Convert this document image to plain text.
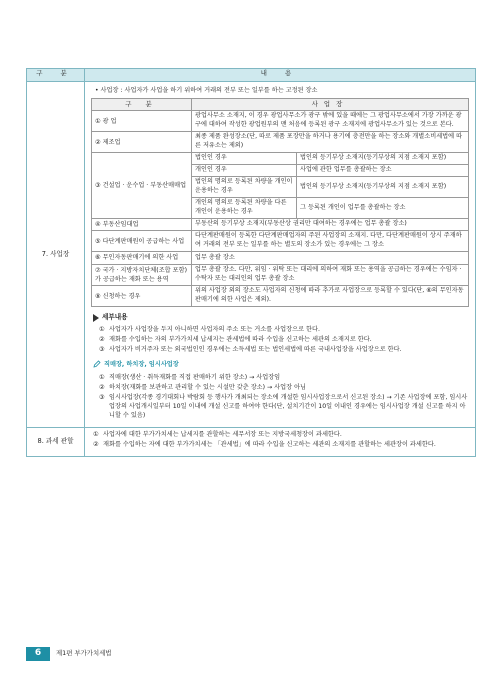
구 분	내 용
7. 사업장	

• 사업장 : 사업자가 사업을 하기 위하여 거래의 전부 또는 일부를 하는 고정된 장소

구 분	사업장
① 광 업	광업사무소 소재지, 이 경우 광업사무소가 광구 밖에 있을 때에는 그 광업사무소에서 가장 가까운 광구에 대하여 작성한 광업원부의 맨 처음에 등록된 광구 소재지에 광업사무소가 있는 것으로 본다.
② 제조업	최종 제품 완성장소(단, 따로 제품 포장만을 하거나 용기에 충전만을 하는 장소와 개별소비세법에 따른 저유소는 제외)
③ 건설업 · 운수업 · 부동산매매업	법인인 경우	법인의 등기부상 소재지(등기부상의 지점 소재지 포함)
개인인 경우	사업에 관한 업무를 총괄하는 장소
법인의 명의로 등록된 차량을 개인이 운용하는 경우	법인의 등기부상 소재지(등기부상의 지점 소재지 포함)
개인의 명의로 등록된 차량을 다른 개인이 운용하는 경우	그 등록된 개인이 업무를 총괄하는 장소
④ 부동산임대업	부동산의 등기부상 소재지(부동산상 권리만 대여하는 경우에는 업무 총괄 장소)
⑤ 다단계판매원이 공급하는 사업	다단계판매원이 등록한 다단계판매업자의 주된 사업장의 소재지. 다만, 다단계판매원이 상시 주재하여 거래의 전부 또는 일부를 하는 별도의 장소가 있는 경우에는 그 장소
⑥ 무인자동판매기에 의한 사업	업무 총괄 장소
⑦ 국가 · 지방자치단체(조합 포함)가 공급하는 재화 또는 용역	업무 총괄 장소. 다만, 위임 · 위탁 또는 대리에 의하여 재화 또는 용역을 공급하는 경우에는 수임자 · 수탁자 또는 대리인의 업무 총괄 장소
⑧ 신청하는 경우	위의 사업장 외의 장소도 사업자의 신청에 따라 추가로 사업장으로 등록할 수 있다(단, ⑥의 무인자동판매기에 의한 사업은 제외).
세부내용
① 사업자가 사업장을 두지 아니하면 사업자의 주소 또는 거소를 사업장으로 한다.
② 재화를 수입하는 자의 부가가치세 납세지는 관세법에 따라 수입을 신고하는 세관의 소재지로 한다.
③ 사업자가 비거주자 또는 외국법인인 경우에는 소득세법 또는 법인세법에 따른 국내사업장을 사업장으로 한다.
직매장, 하치장, 임시사업장
① 직매장(생산 · 취득재화를 직접 판매하기 위한 장소) → 사업장임
② 하치장(재화를 보관하고 관리할 수 있는 시설만 갖춘 장소) → 사업장 아님
③ 임시사업장(각종 경기대회나 박람회 등 행사가 개최되는 장소에 개설한 임시사업장으로서 신고된 장소) → 기존 사업장에 포함, 임시사업장의 사업개시일부터 10일 이내에 개설 신고를 하여야 한다(단, 설치기간이 10일 이내인 경우에는 임시사업장 개설 신고를 하지 아니할 수 있음)

8. 과세 관할	
① 사업자에 대한 부가가치세는 납세지를 관할하는 세무서장 또는 지방국세청장이 과세한다.
② 재화를 수입하는 자에 대한 부가가치세는 「관세법」에 따라 수입을 신고하는 세관의 소재지를 관할하는 세관장이 과세한다.
6	제1편 부가가치세법
